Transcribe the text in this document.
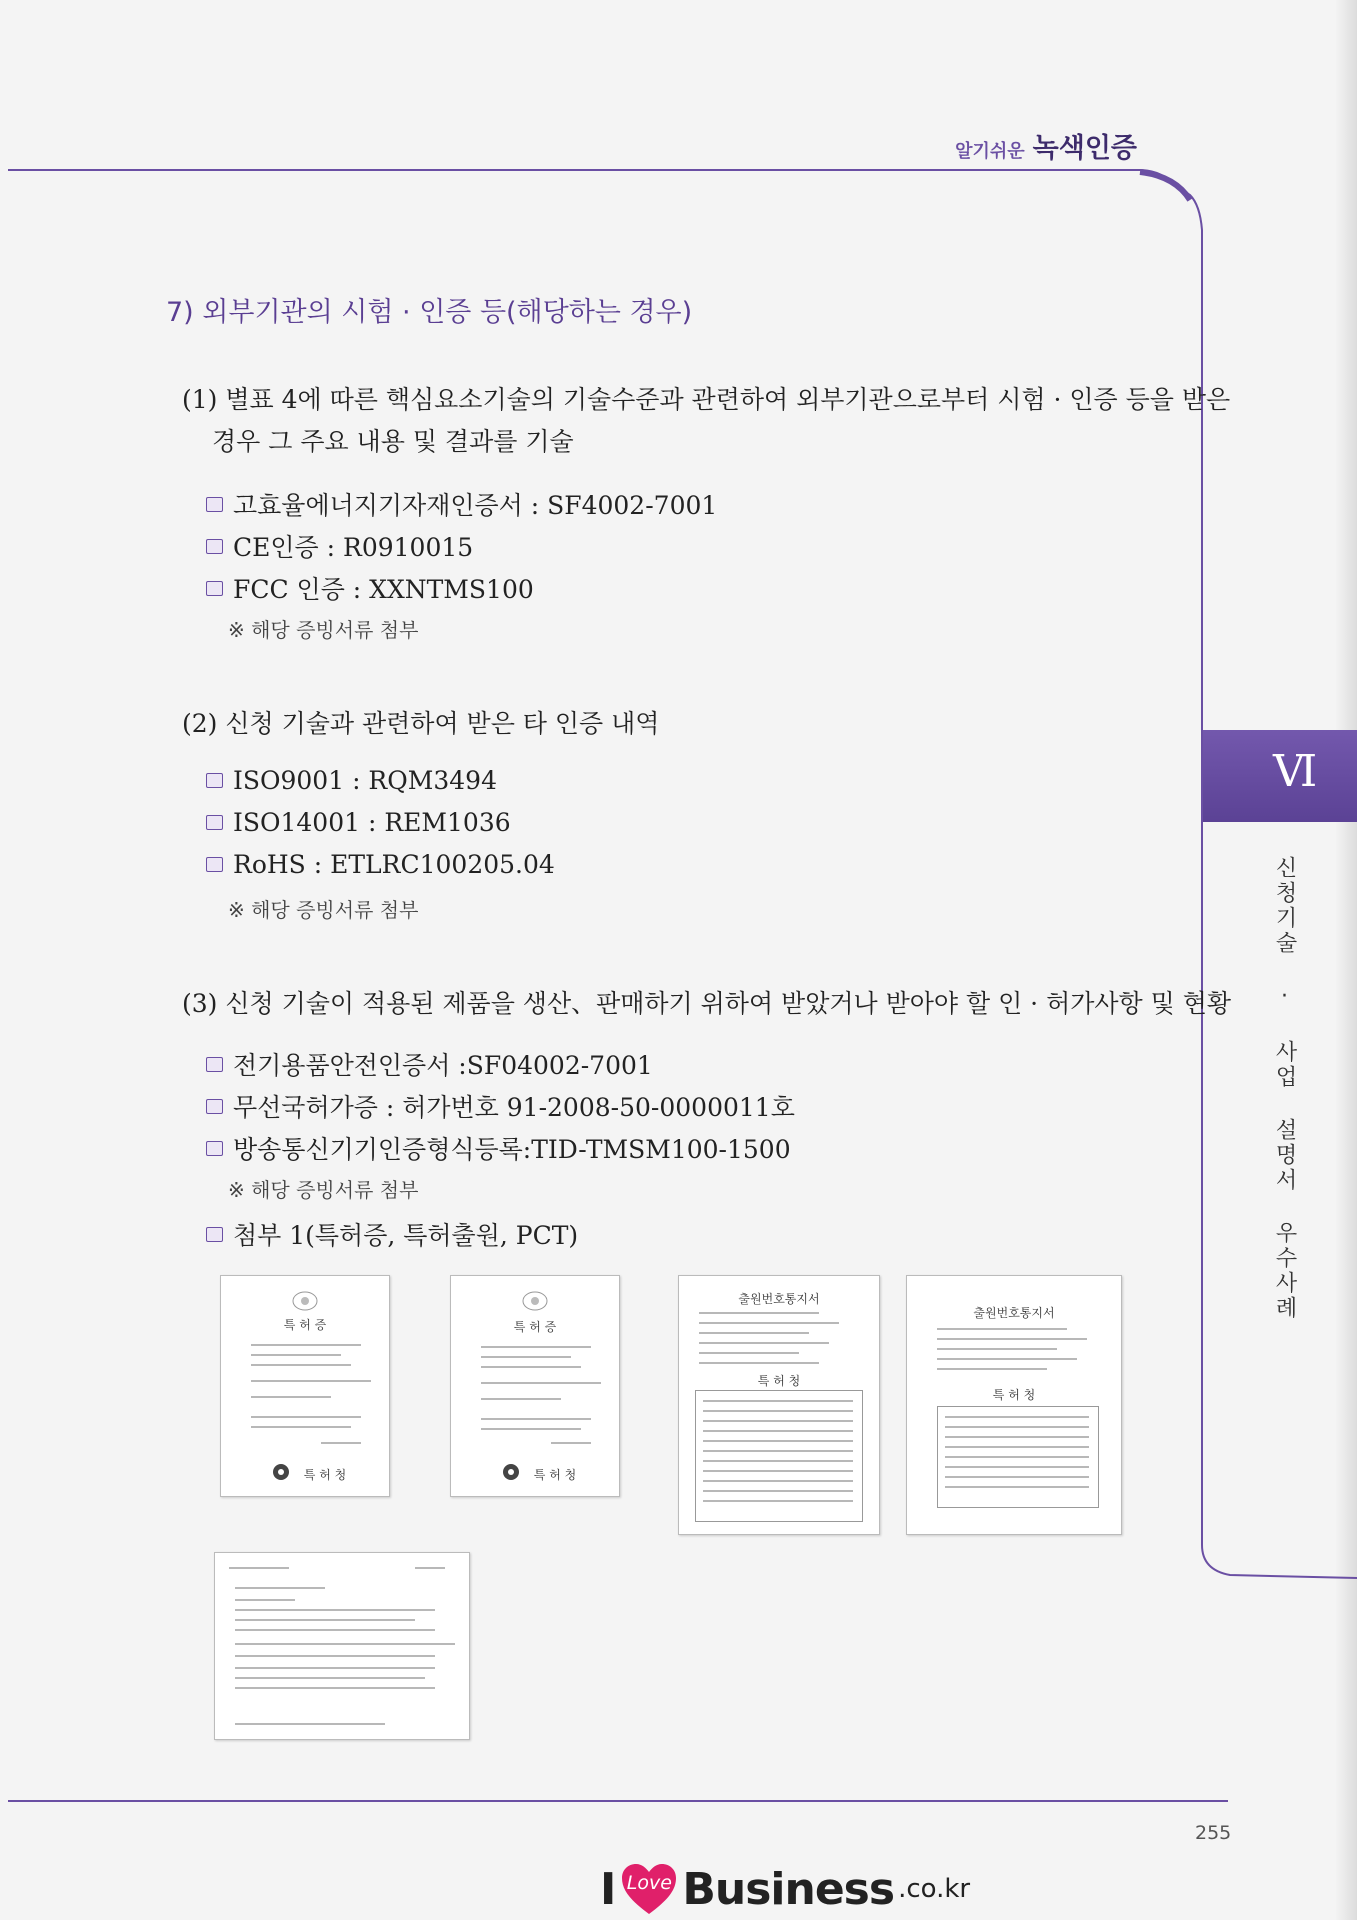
알기쉬운 녹색인증
7) 외부기관의 시험 · 인증 등(해당하는 경우)
(1) 별표 4에 따른 핵심요소기술의 기술수준과 관련하여 외부기관으로부터 시험 · 인증 등을 받은
경우 그 주요 내용 및 결과를 기술
고효율에너지기자재인증서 : SF4002-7001
CE인증 : R0910015
FCC 인증 : XXNTMS100
※ 해당 증빙서류 첨부
(2) 신청 기술과 관련하여 받은 타 인증 내역
ISO9001 : RQM3494
ISO14001 : REM1036
RoHS : ETLRC100205.04
※ 해당 증빙서류 첨부
(3) 신청 기술이 적용된 제품을 생산、판매하기 위하여 받았거나 받아야 할 인 · 허가사항 및 현황
전기용품안전인증서 :SF04002-7001
무선국허가증 : 허가번호 91-2008-50-0000011호
방송통신기기인증형식등록:TID-TMSM100-1500
※ 해당 증빙서류 첨부
첨부 1(특허증, 특허출원, PCT)
특 허 증
특 허 청
특 허 증
특 허 청
출원번호통지서
특 허 청
출원번호통지서
특 허 청
Ⅵ
신청기술 · 사업 설명서 우수사례
255
I Love Business .co.kr
